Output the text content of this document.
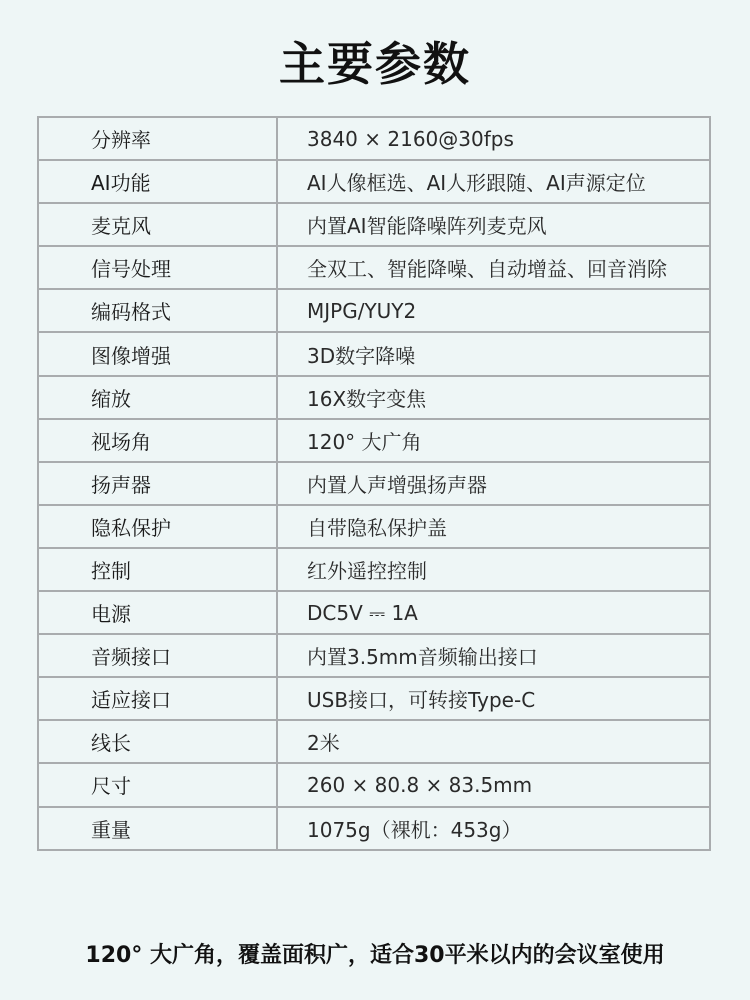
主要参数
分辨率	3840 × 2160@30fps
AI功能	AI人像框选、AI人形跟随、AI声源定位
麦克风	内置AI智能降噪阵列麦克风
信号处理	全双工、智能降噪、自动增益、回音消除
编码格式	MJPG/YUY2
图像增强	3D数字降噪
缩放	16X数字变焦
视场角	120° 大广角
扬声器	内置人声增强扬声器
隐私保护	自带隐私保护盖
控制	红外遥控控制
电源	DC5V ⎓ 1A
音频接口	内置3.5mm音频输出接口
适应接口	USB接口，可转接Type-C
线长	2米
尺寸	260 × 80.8 × 83.5mm
重量	1075g（裸机：453g）
120° 大广角，覆盖面积广，适合30平米以内的会议室使用
